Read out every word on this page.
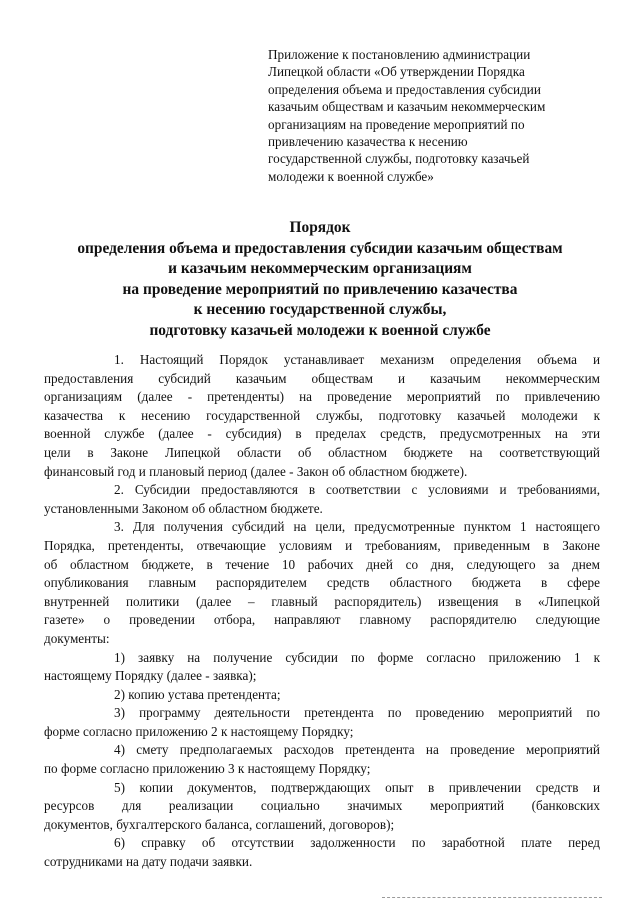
Приложение к постановлению администрации
Липецкой области «Об утверждении Порядка
определения объема и предоставления субсидии
казачьим обществам и казачьим некоммерческим
организациям на проведение мероприятий по
привлечению казачества к несению
государственной службы, подготовку казачьей
молодежи к военной службе»
Порядок
определения объема и предоставления субсидии казачьим обществам
и казачьим некоммерческим организациям
на проведение мероприятий по привлечению казачества
к несению государственной службы,
подготовку казачьей молодежи к военной службе
1. Настоящий Порядок устанавливает механизм определения объема и
предоставления субсидий казачьим обществам и казачьим некоммерческим
организациям (далее - претенденты) на проведение мероприятий по привлечению
казачества к несению государственной службы, подготовку казачьей молодежи к
военной службе (далее - субсидия) в пределах средств, предусмотренных на эти
цели в Законе Липецкой области об областном бюджете на соответствующий
финансовый год и плановый период (далее - Закон об областном бюджете).
2. Субсидии предоставляются в соответствии с условиями и требованиями,
установленными Законом об областном бюджете.
3. Для получения субсидий на цели, предусмотренные пунктом 1 настоящего
Порядка, претенденты, отвечающие условиям и требованиям, приведенным в Законе
об областном бюджете, в течение 10 рабочих дней со дня, следующего за днем
опубликования главным распорядителем средств областного бюджета в сфере
внутренней политики (далее – главный распорядитель) извещения в «Липецкой
газете» о проведении отбора, направляют главному распорядителю следующие
документы:
1) заявку на получение субсидии по форме согласно приложению 1 к
настоящему Порядку (далее - заявка);
2) копию устава претендента;
3) программу деятельности претендента по проведению мероприятий по
форме согласно приложению 2 к настоящему Порядку;
4) смету предполагаемых расходов претендента на проведение мероприятий
по форме согласно приложению 3 к настоящему Порядку;
5) копии документов, подтверждающих опыт в привлечении средств и
ресурсов для реализации социально значимых мероприятий (банковских
документов, бухгалтерского баланса, соглашений, договоров);
6) справку об отсутствии задолженности по заработной плате перед
сотрудниками на дату подачи заявки.
